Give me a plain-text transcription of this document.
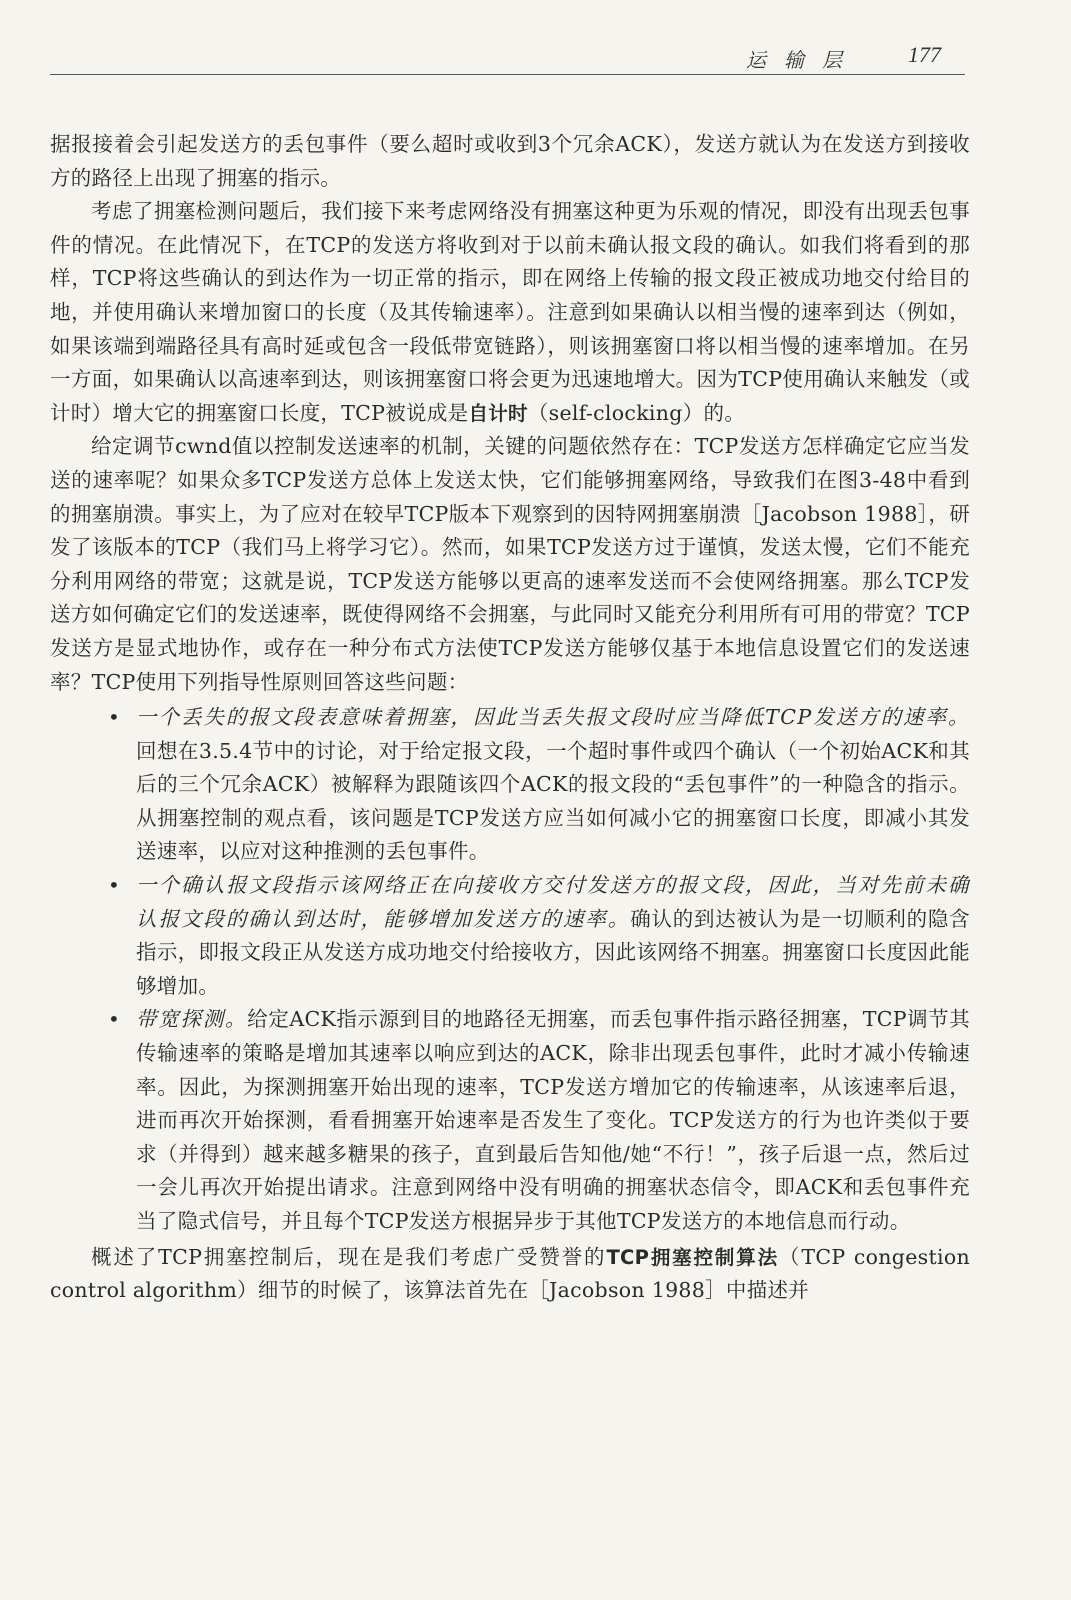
运输层 177

据报接着会引起发送方的丢包事件（要么超时或收到3个冗余ACK），发送方就认为在发送方到接收方的路径上出现了拥塞的指示。

考虑了拥塞检测问题后，我们接下来考虑网络没有拥塞这种更为乐观的情况，即没有出现丢包事件的情况。在此情况下，在TCP的发送方将收到对于以前未确认报文段的确认。如我们将看到的那样，TCP将这些确认的到达作为一切正常的指示，即在网络上传输的报文段正被成功地交付给目的地，并使用确认来增加窗口的长度（及其传输速率）。注意到如果确认以相当慢的速率到达（例如，如果该端到端路径具有高时延或包含一段低带宽链路），则该拥塞窗口将以相当慢的速率增加。在另一方面，如果确认以高速率到达，则该拥塞窗口将会更为迅速地增大。因为TCP使用确认来触发（或计时）增大它的拥塞窗口长度，TCP被说成是自计时（self-clocking）的。

给定调节cwnd值以控制发送速率的机制，关键的问题依然存在：TCP发送方怎样确定它应当发送的速率呢？如果众多TCP发送方总体上发送太快，它们能够拥塞网络，导致我们在图3-48中看到的拥塞崩溃。事实上，为了应对在较早TCP版本下观察到的因特网拥塞崩溃［Jacobson 1988］，研发了该版本的TCP（我们马上将学习它）。然而，如果TCP发送方过于谨慎，发送太慢，它们不能充分利用网络的带宽；这就是说，TCP发送方能够以更高的速率发送而不会使网络拥塞。那么TCP发送方如何确定它们的发送速率，既使得网络不会拥塞，与此同时又能充分利用所有可用的带宽？TCP发送方是显式地协作，或存在一种分布式方法使TCP发送方能够仅基于本地信息设置它们的发送速率？TCP使用下列指导性原则回答这些问题：

• 一个丢失的报文段表意味着拥塞，因此当丢失报文段时应当降低TCP发送方的速率。回想在3.5.4节中的讨论，对于给定报文段，一个超时事件或四个确认（一个初始ACK和其后的三个冗余ACK）被解释为跟随该四个ACK的报文段的“丢包事件”的一种隐含的指示。从拥塞控制的观点看，该问题是TCP发送方应当如何减小它的拥塞窗口长度，即减小其发送速率，以应对这种推测的丢包事件。
• 一个确认报文段指示该网络正在向接收方交付发送方的报文段，因此，当对先前未确认报文段的确认到达时，能够增加发送方的速率。确认的到达被认为是一切顺利的隐含指示，即报文段正从发送方成功地交付给接收方，因此该网络不拥塞。拥塞窗口长度因此能够增加。
• 带宽探测。给定ACK指示源到目的地路径无拥塞，而丢包事件指示路径拥塞，TCP调节其传输速率的策略是增加其速率以响应到达的ACK，除非出现丢包事件，此时才减小传输速率。因此，为探测拥塞开始出现的速率，TCP发送方增加它的传输速率，从该速率后退，进而再次开始探测，看看拥塞开始速率是否发生了变化。TCP发送方的行为也许类似于要求（并得到）越来越多糖果的孩子，直到最后告知他/她“不行！”，孩子后退一点，然后过一会儿再次开始提出请求。注意到网络中没有明确的拥塞状态信令，即ACK和丢包事件充当了隐式信号，并且每个TCP发送方根据异步于其他TCP发送方的本地信息而行动。

概述了TCP拥塞控制后，现在是我们考虑广受赞誉的TCP拥塞控制算法（TCP congestion control algorithm）细节的时候了，该算法首先在［Jacobson 1988］中描述并
